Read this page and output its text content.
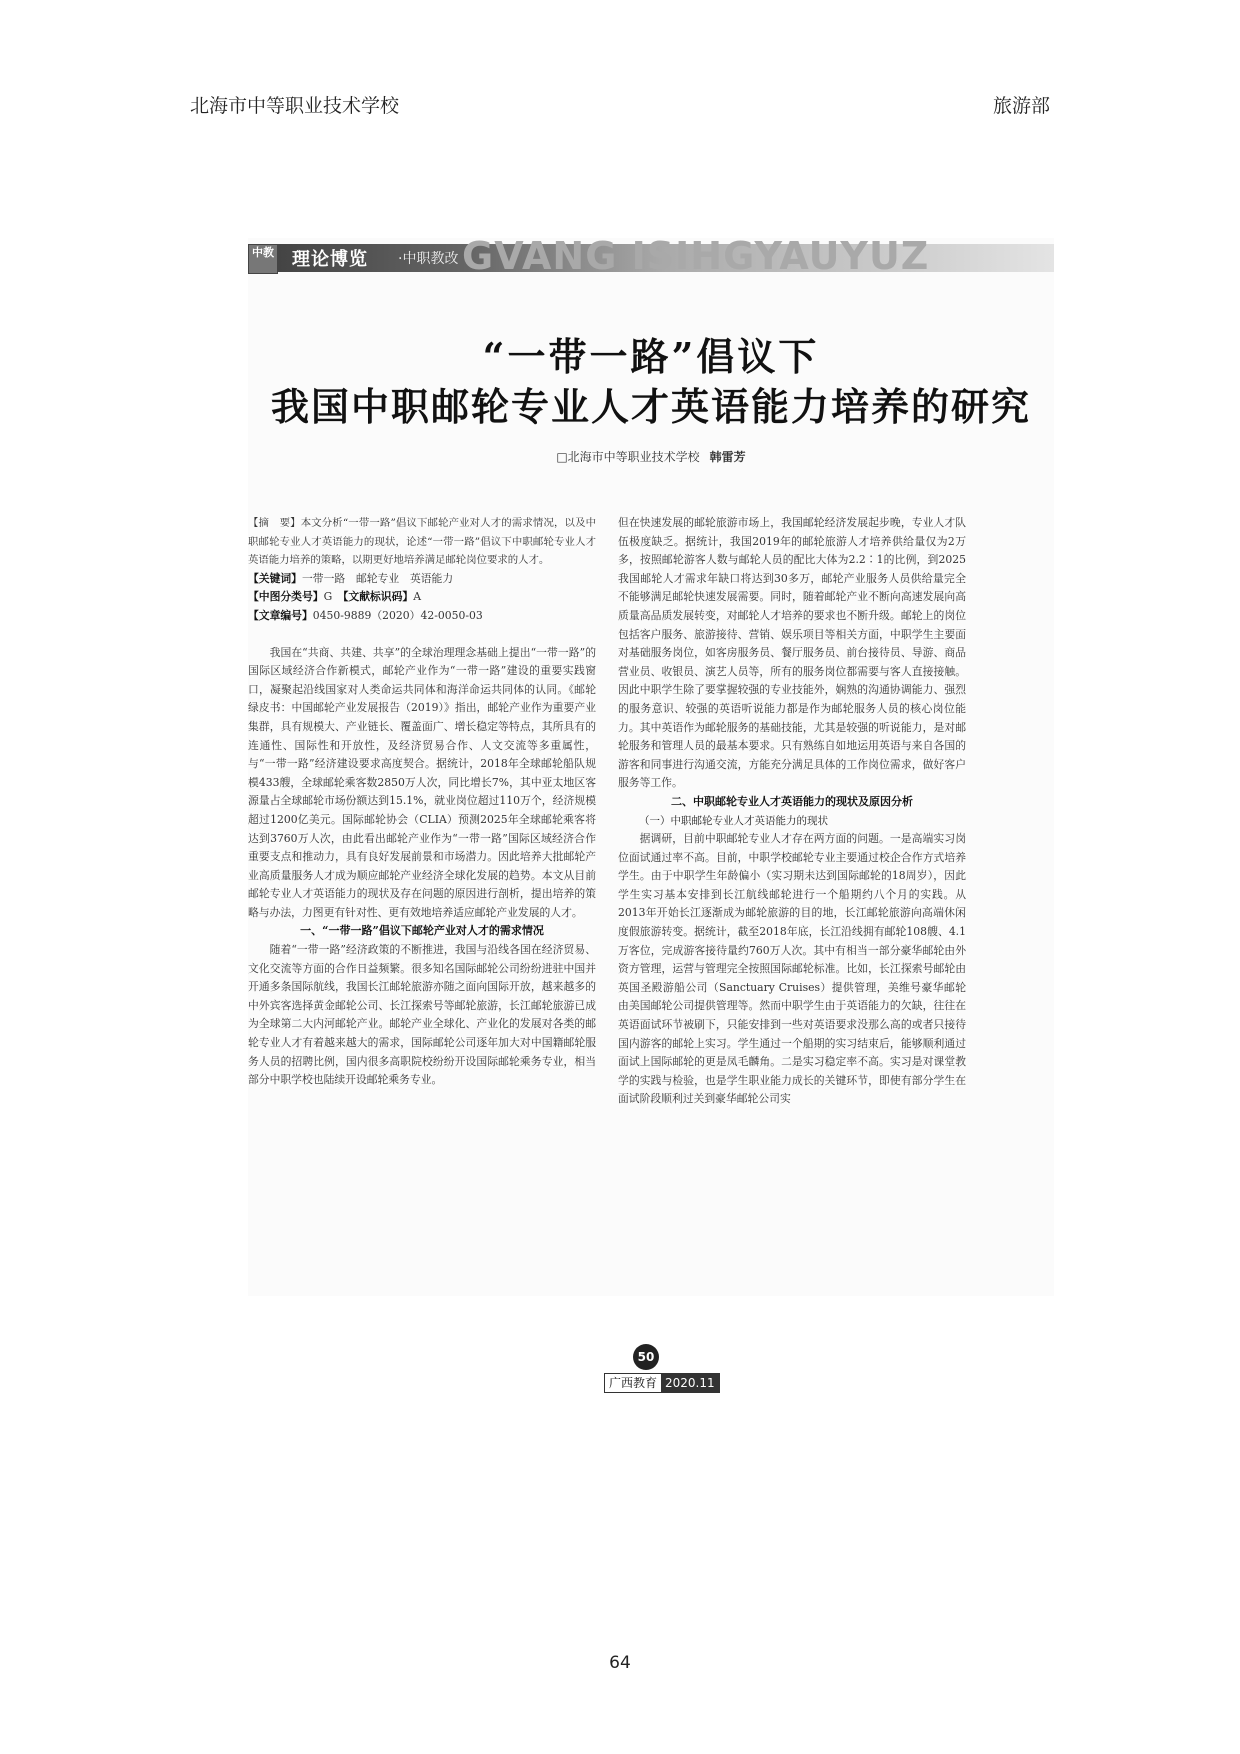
北海市中等职业技术学校	旅游部
中教 理论博览 ·中职教改 GVANG ISIHGYAUYUZ
“一带一路”倡议下
我国中职邮轮专业人才英语能力培养的研究
□北海市中等职业技术学校 韩雷芳

【摘　要】本文分析“一带一路”倡议下邮轮产业对人才的需求情况，以及中职邮轮专业人才英语能力的现状，论述“一带一路”倡议下中职邮轮专业人才英语能力培养的策略，以期更好地培养满足邮轮岗位要求的人才。

【关键词】一带一路　邮轮专业　英语能力

【中图分类号】G　 【文献标识码】A

【文章编号】0450-9889（2020）42-0050-03

我国在“共商、共建、共享”的全球治理理念基础上提出“一带一路”的国际区域经济合作新模式，邮轮产业作为“一带一路”建设的重要实践窗口，凝聚起沿线国家对人类命运共同体和海洋命运共同体的认同。《邮轮绿皮书：中国邮轮产业发展报告（2019）》指出，邮轮产业作为重要产业集群，具有规模大、产业链长、覆盖面广、增长稳定等特点，其所具有的连通性、国际性和开放性，及经济贸易合作、人文交流等多重属性，与“一带一路”经济建设要求高度契合。据统计，2018年全球邮轮船队规模433艘，全球邮轮乘客数2850万人次，同比增长7%，其中亚太地区客源量占全球邮轮市场份额达到15.1%，就业岗位超过110万个，经济规模超过1200亿美元。国际邮轮协会（CLIA）预测2025年全球邮轮乘客将达到3760万人次，由此看出邮轮产业作为“一带一路”国际区域经济合作重要支点和推动力，具有良好发展前景和市场潜力。因此培养大批邮轮产业高质量服务人才成为顺应邮轮产业经济全球化发展的趋势。本文从目前邮轮专业人才英语能力的现状及存在问题的原因进行剖析，提出培养的策略与办法，力图更有针对性、更有效地培养适应邮轮产业发展的人才。

一、“一带一路”倡议下邮轮产业对人才的需求情况

随着“一带一路”经济政策的不断推进，我国与沿线各国在经济贸易、文化交流等方面的合作日益频繁。很多知名国际邮轮公司纷纷进驻中国并开通多条国际航线，我国长江邮轮旅游亦随之面向国际开放，越来越多的中外宾客选择黄金邮轮公司、长江探索号等邮轮旅游，长江邮轮旅游已成为全球第二大内河邮轮产业。邮轮产业全球化、产业化的发展对各类的邮轮专业人才有着越来越大的需求，国际邮轮公司逐年加大对中国籍邮轮服务人员的招聘比例，国内很多高职院校纷纷开设国际邮轮乘务专业，相当部分中职学校也陆续开设邮轮乘务专业。

但在快速发展的邮轮旅游市场上，我国邮轮经济发展起步晚，专业人才队伍极度缺乏。据统计，我国2019年的邮轮旅游人才培养供给量仅为2万多，按照邮轮游客人数与邮轮人员的配比大体为2.2∶1的比例，到2025我国邮轮人才需求年缺口将达到30多万，邮轮产业服务人员供给量完全不能够满足邮轮快速发展需要。同时，随着邮轮产业不断向高速发展向高质量高品质发展转变，对邮轮人才培养的要求也不断升级。邮轮上的岗位包括客户服务、旅游接待、营销、娱乐项目等相关方面，中职学生主要面对基础服务岗位，如客房服务员、餐厅服务员、前台接待员、导游、商品营业员、收银员、演艺人员等，所有的服务岗位都需要与客人直接接触。因此中职学生除了要掌握较强的专业技能外，娴熟的沟通协调能力、强烈的服务意识、较强的英语听说能力都是作为邮轮服务人员的核心岗位能力。其中英语作为邮轮服务的基础技能，尤其是较强的听说能力，是对邮轮服务和管理人员的最基本要求。只有熟练自如地运用英语与来自各国的游客和同事进行沟通交流，方能充分满足具体的工作岗位需求，做好客户服务等工作。

二、中职邮轮专业人才英语能力的现状及原因分析
（一）中职邮轮专业人才英语能力的现状

据调研，目前中职邮轮专业人才存在两方面的问题。一是高端实习岗位面试通过率不高。目前，中职学校邮轮专业主要通过校企合作方式培养学生。由于中职学生年龄偏小（实习期未达到国际邮轮的18周岁），因此学生实习基本安排到长江航线邮轮进行一个船期约八个月的实践。从2013年开始长江逐渐成为邮轮旅游的目的地，长江邮轮旅游向高端休闲度假旅游转变。据统计，截至2018年底，长江沿线拥有邮轮108艘、4.1万客位，完成游客接待量约760万人次。其中有相当一部分豪华邮轮由外资方管理，运营与管理完全按照国际邮轮标准。比如，长江探索号邮轮由英国圣殿游船公司（Sanctuary Cruises）提供管理，美维号豪华邮轮由美国邮轮公司提供管理等。然而中职学生由于英语能力的欠缺，往往在英语面试环节被刷下，只能安排到一些对英语要求没那么高的或者只接待国内游客的邮轮上实习。学生通过一个船期的实习结束后，能够顺利通过面试上国际邮轮的更是凤毛麟角。二是实习稳定率不高。实习是对课堂教学的实践与检验，也是学生职业能力成长的关键环节，即使有部分学生在面试阶段顺利过关到豪华邮轮公司实

50
广西教育 2020.11
64
